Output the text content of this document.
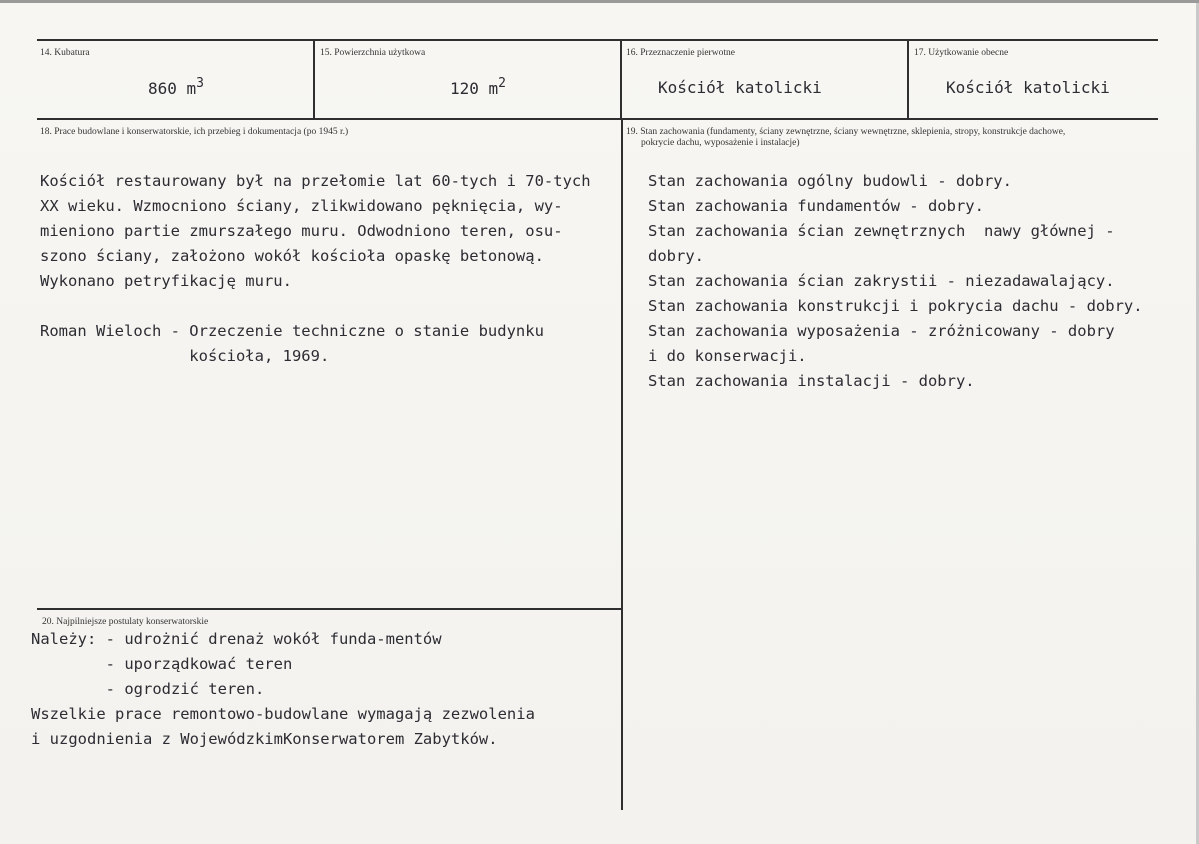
14. Kubatura
860 $m^3$
15. Powierzchnia użytkowa
120 $m^2$
16. Przeznaczenie pierwotne
Kościół katolicki
17. Użytkowanie obecne
Kościół katolicki
18. Prace budowlane i konserwatorskie, ich przebieg i dokumentacja (po 1945 r.)
Kościół restaurowany był na przełomie lat 60-tych i 70-tych
XX wieku. Wzmocniono ściany, zlikwidowano pęknięcia, wy-
mieniono partie zmurszałego muru. Odwodniono teren, osu-
szono ściany, założono wokół kościoła opaskę betonową.
Wykonano petryfikację muru.
Roman Wieloch - Orzeczenie techniczne o stanie budynku
kościoła, 1969.
19. Stan zachowania (fundamenty, ściany zewnętrzne, ściany wewnętrzne, sklepienia, stropy, konstrukcje dachowe,
pokrycie dachu, wyposażenie i instalacje)
Stan zachowania ogólny budowli - dobry.
Stan zachowania fundamentów - dobry.
Stan zachowania ścian zewnętrznych  nawy głównej -
dobry.
Stan zachowania ścian zakrystii - niezadawalający.
Stan zachowania konstrukcji i pokrycia dachu - dobry.
Stan zachowania wyposażenia - zróżnicowany - dobry
i do konserwacji.
Stan zachowania instalacji - dobry.
20. Najpilniejsze postulaty konserwatorskie
Należy: - udrożnić drenaż wokół funda-mentów
- uporządkować teren
- ogrodzić teren.
Wszelkie prace remontowo-budowlane wymagają zezwolenia
i uzgodnienia z WojewódzkimKonserwatorem Zabytków.
